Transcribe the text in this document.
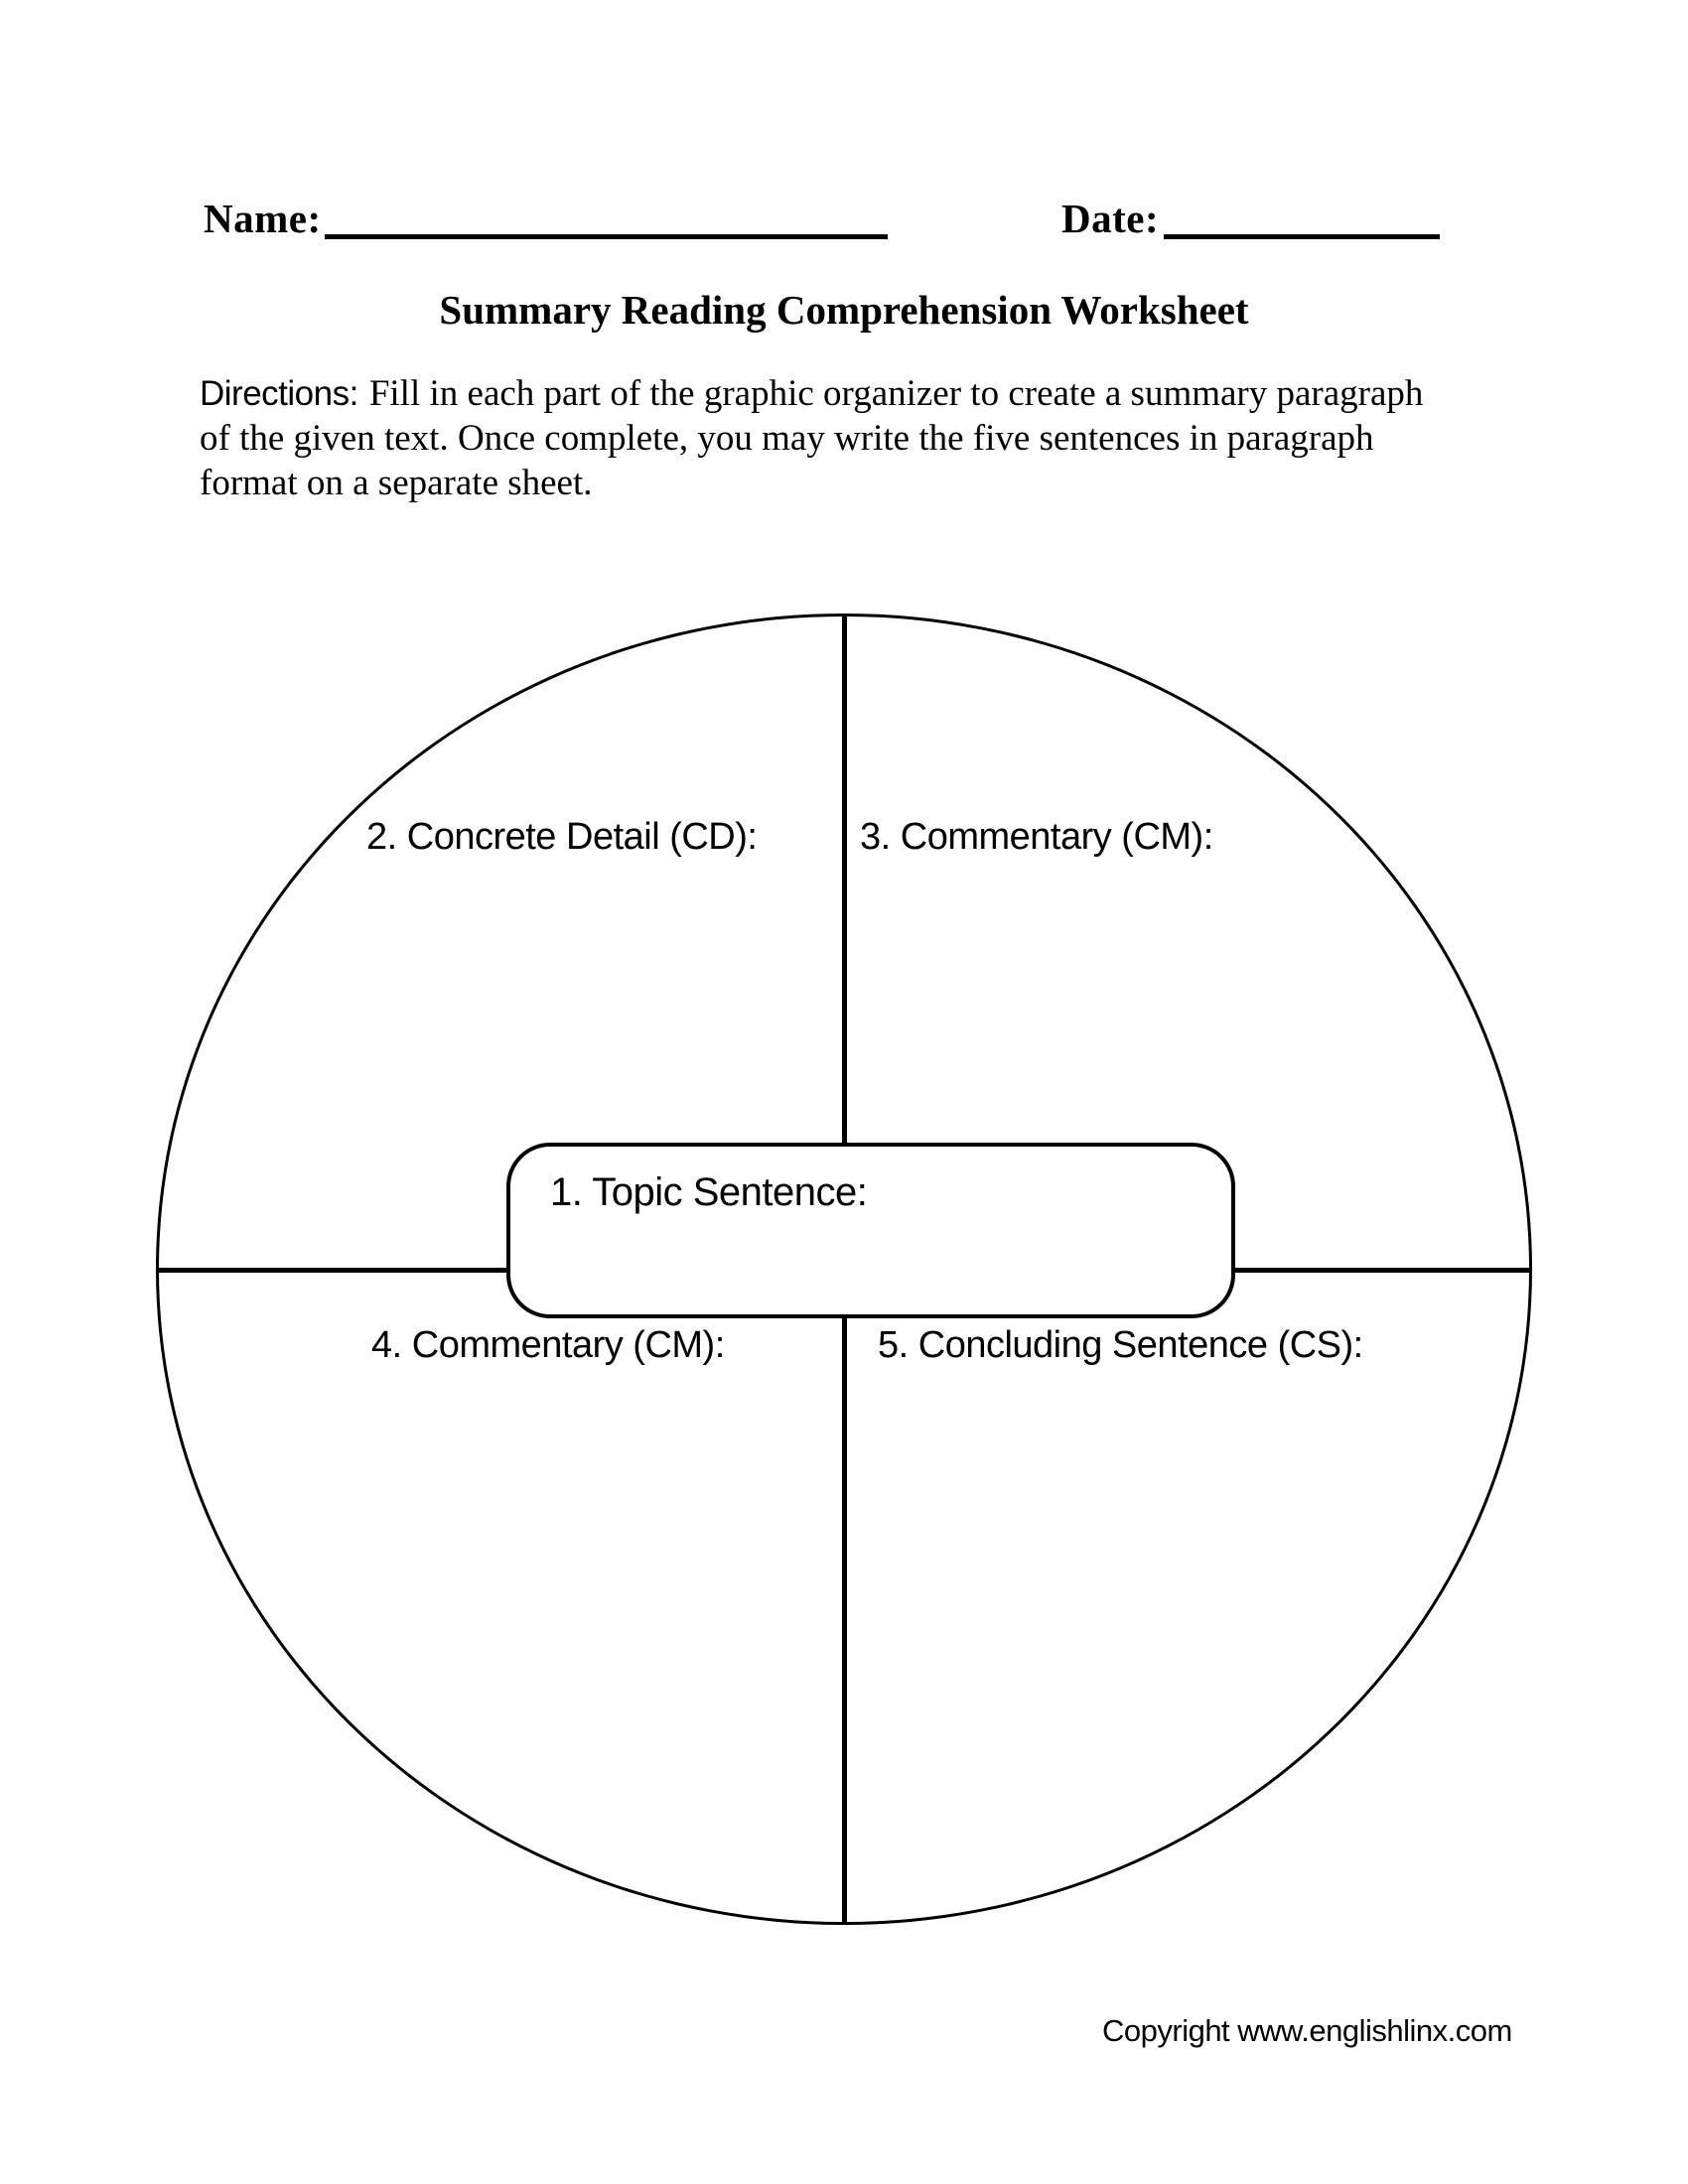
Name:	Date:
Summary Reading Comprehension Worksheet
Directions: Fill in each part of the graphic organizer to create a summary paragraph
of the given text. Once complete, you may write the five sentences in paragraph
format on a separate sheet.
2. Concrete Detail (CD):	3. Commentary (CM):
4. Commentary (CM):	5. Concluding Sentence (CS):
1. Topic Sentence:
Copyright www.englishlinx.com
